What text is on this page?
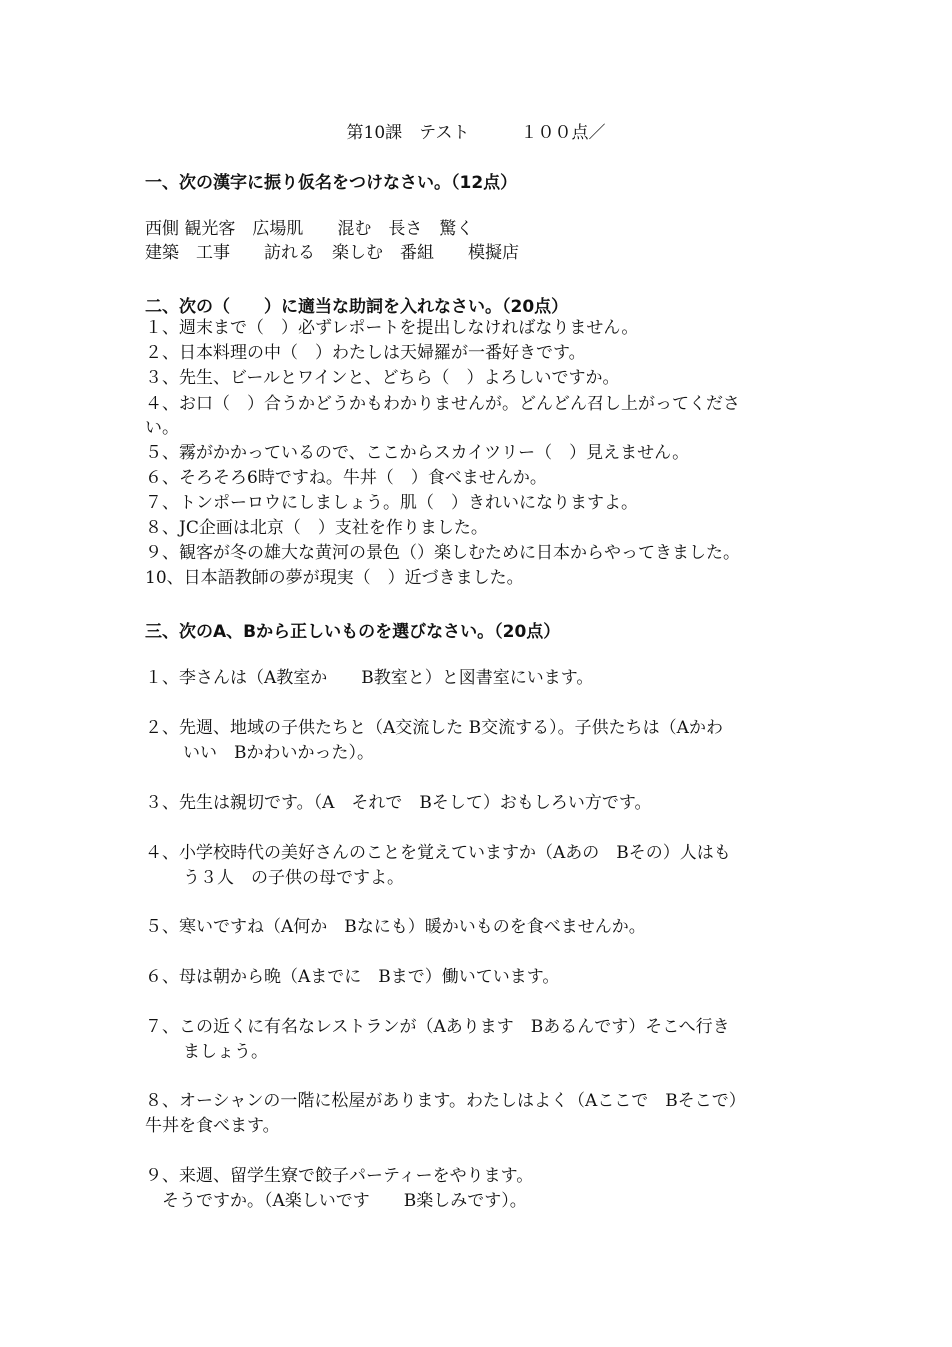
第10課　テスト　　　１００点／
一、次の漢字に振り仮名をつけなさい。（12点）
西側 観光客　広場肌　　混む　長さ　驚く
建築　工事　　訪れる　楽しむ　番組　　模擬店
二、次の（　　）に適当な助詞を入れなさい。（20点）
１、週末まで（　）必ずレポートを提出しなければなりません。
２、日本料理の中（　）わたしは天婦羅が一番好きです。
３、先生、ビールとワインと、どちら（　）よろしいですか。
４、お口（　）合うかどうかもわかりませんが。どんどん召し上がってくださ
い。
５、霧がかかっているので、ここからスカイツリー（　）見えません。
６、そろそろ6時ですね。牛丼（　）食べませんか。
７、トンポーロウにしましょう。肌（　）きれいになりますよ。
８、JC企画は北京（　）支社を作りました。
９、観客が冬の雄大な黄河の景色（）楽しむために日本からやってきました。
10、日本語教師の夢が現実（　）近づきました。
三、次のA、Bから正しいものを選びなさい。（20点）
１、李さんは（A教室か　　B教室と）と図書室にいます。
２、先週、地域の子供たちと（A交流した B交流する）。子供たちは（Aかわ
いい　Bかわいかった）。
３、先生は親切です。（A　それで　Bそして）おもしろい方です。
４、小学校時代の美好さんのことを覚えていますか（Aあの　Bその）人はも
う３人　の子供の母ですよ。
５、寒いですね（A何か　Bなにも）暖かいものを食べませんか。
６、母は朝から晩（Aまでに　Bまで）働いています。
７、この近くに有名なレストランが（Aあります　Bあるんです）そこへ行き
ましょう。
８、オーシャンの一階に松屋があります。わたしはよく（Aここで　Bそこで）
牛丼を食べます。
９、来週、留学生寮で餃子パーティーをやります。
　そうですか。（A楽しいです　　B楽しみです）。
